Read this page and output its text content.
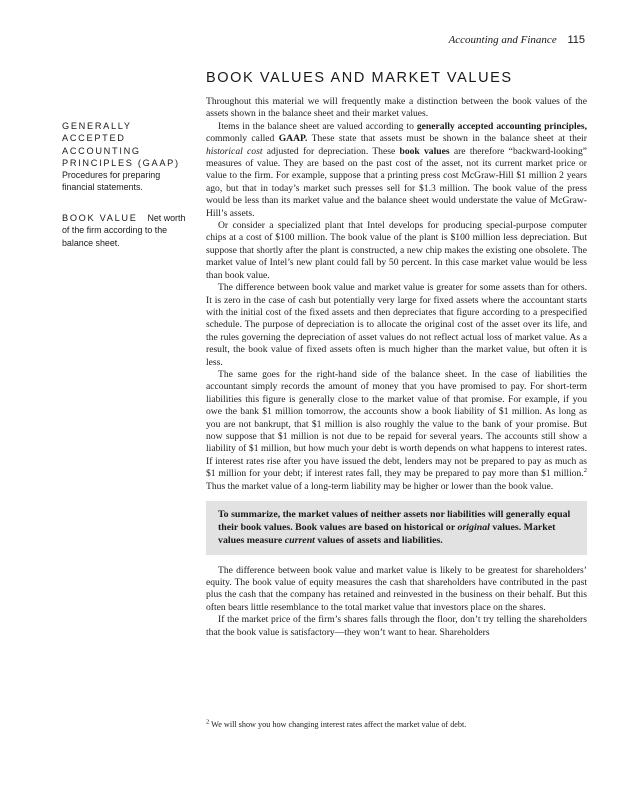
Accounting and Finance 115
BOOK VALUES AND MARKET VALUES
GENERALLY ACCEPTED ACCOUNTING PRINCIPLES (GAAP) Procedures for preparing financial statements.
BOOK VALUE Net worth of the firm according to the balance sheet.

Throughout this material we will frequently make a distinction between the book values of the assets shown in the balance sheet and their market values.

Items in the balance sheet are valued according to generally accepted accounting principles, commonly called GAAP. These state that assets must be shown in the balance sheet at their historical cost adjusted for depreciation. These book values are therefore “backward-looking” measures of value. They are based on the past cost of the asset, not its current market price or value to the firm. For example, suppose that a printing press cost McGraw-Hill $1 million 2 years ago, but that in today’s market such presses sell for $1.3 million. The book value of the press would be less than its market value and the balance sheet would understate the value of McGraw-Hill’s assets.

Or consider a specialized plant that Intel develops for producing special-purpose computer chips at a cost of $100 million. The book value of the plant is $100 million less depreciation. But suppose that shortly after the plant is constructed, a new chip makes the existing one obsolete. The market value of Intel’s new plant could fall by 50 percent. In this case market value would be less than book value.

The difference between book value and market value is greater for some assets than for others. It is zero in the case of cash but potentially very large for fixed assets where the accountant starts with the initial cost of the fixed assets and then depreciates that figure according to a prespecified schedule. The purpose of depreciation is to allocate the original cost of the asset over its life, and the rules governing the depreciation of asset values do not reflect actual loss of market value. As a result, the book value of fixed assets often is much higher than the market value, but often it is less.

The same goes for the right-hand side of the balance sheet. In the case of liabilities the accountant simply records the amount of money that you have promised to pay. For short-term liabilities this figure is generally close to the market value of that promise. For example, if you owe the bank $1 million tomorrow, the accounts show a book liability of $1 million. As long as you are not bankrupt, that $1 million is also roughly the value to the bank of your promise. But now suppose that $1 million is not due to be repaid for several years. The accounts still show a liability of $1 million, but how much your debt is worth depends on what happens to interest rates. If interest rates rise after you have issued the debt, lenders may not be prepared to pay as much as $1 million for your debt; if interest rates fall, they may be prepared to pay more than $1 million.$^2$ Thus the market value of a long-term liability may be higher or lower than the book value.

To summarize, the market values of neither assets nor liabilities will generally equal their book values. Book values are based on historical or original values. Market values measure current values of assets and liabilities.

The difference between book value and market value is likely to be greatest for shareholders’ equity. The book value of equity measures the cash that shareholders have contributed in the past plus the cash that the company has retained and reinvested in the business on their behalf. But this often bears little resemblance to the total market value that investors place on the shares.

If the market price of the firm’s shares falls through the floor, don’t try telling the shareholders that the book value is satisfactory—they won’t want to hear. Shareholders

$^2$ We will show you how changing interest rates affect the market value of debt.
